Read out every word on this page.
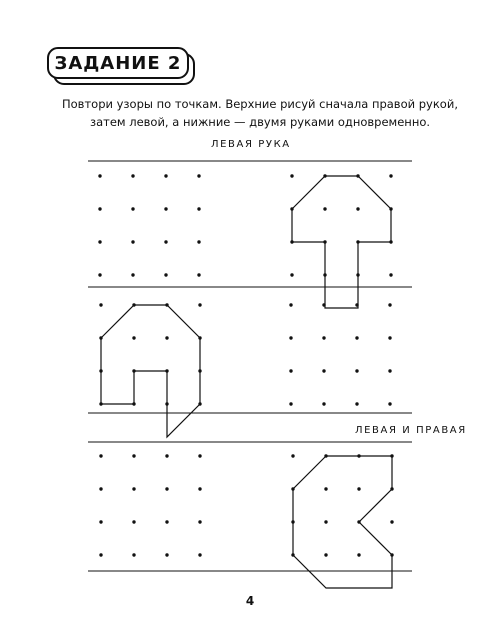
ЗАДАНИЕ 2
Повтори узоры по точкам. Верхние рисуй сначала правой рукой,
затем левой, а нижние — двумя руками одновременно.
ЛЕВАЯ РУКА
ЛЕВАЯ И ПРАВАЯ
4
